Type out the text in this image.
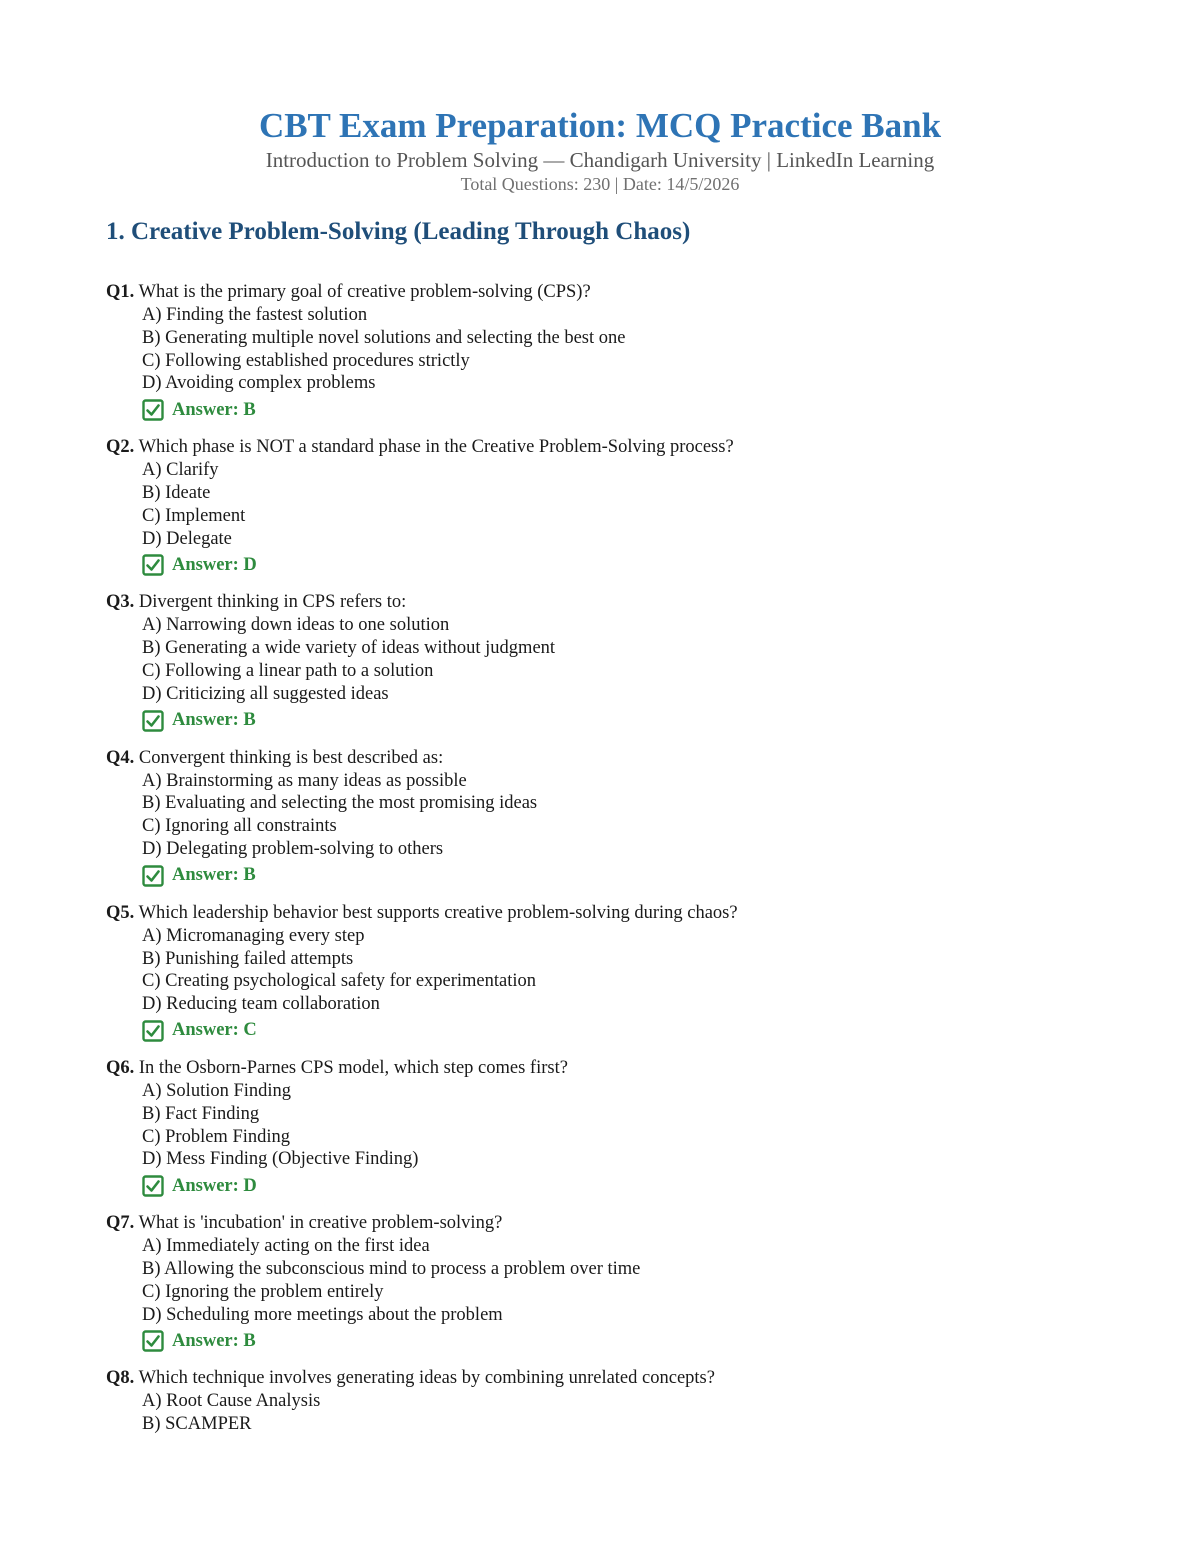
CBT Exam Preparation: MCQ Practice Bank

Introduction to Problem Solving — Chandigarh University | LinkedIn Learning

Total Questions: 230 | Date: 14/5/2026

1. Creative Problem-Solving (Leading Through Chaos)

Q1. What is the primary goal of creative problem-solving (CPS)?

A) Finding the fastest solution
B) Generating multiple novel solutions and selecting the best one
C) Following established procedures strictly
D) Avoiding complex problems
Answer: B

Q2. Which phase is NOT a standard phase in the Creative Problem-Solving process?

A) Clarify
B) Ideate
C) Implement
D) Delegate
Answer: D

Q3. Divergent thinking in CPS refers to:

A) Narrowing down ideas to one solution
B) Generating a wide variety of ideas without judgment
C) Following a linear path to a solution
D) Criticizing all suggested ideas
Answer: B

Q4. Convergent thinking is best described as:

A) Brainstorming as many ideas as possible
B) Evaluating and selecting the most promising ideas
C) Ignoring all constraints
D) Delegating problem-solving to others
Answer: B

Q5. Which leadership behavior best supports creative problem-solving during chaos?

A) Micromanaging every step
B) Punishing failed attempts
C) Creating psychological safety for experimentation
D) Reducing team collaboration
Answer: C

Q6. In the Osborn-Parnes CPS model, which step comes first?

A) Solution Finding
B) Fact Finding
C) Problem Finding
D) Mess Finding (Objective Finding)
Answer: D

Q7. What is 'incubation' in creative problem-solving?

A) Immediately acting on the first idea
B) Allowing the subconscious mind to process a problem over time
C) Ignoring the problem entirely
D) Scheduling more meetings about the problem
Answer: B

Q8. Which technique involves generating ideas by combining unrelated concepts?

A) Root Cause Analysis
B) SCAMPER
